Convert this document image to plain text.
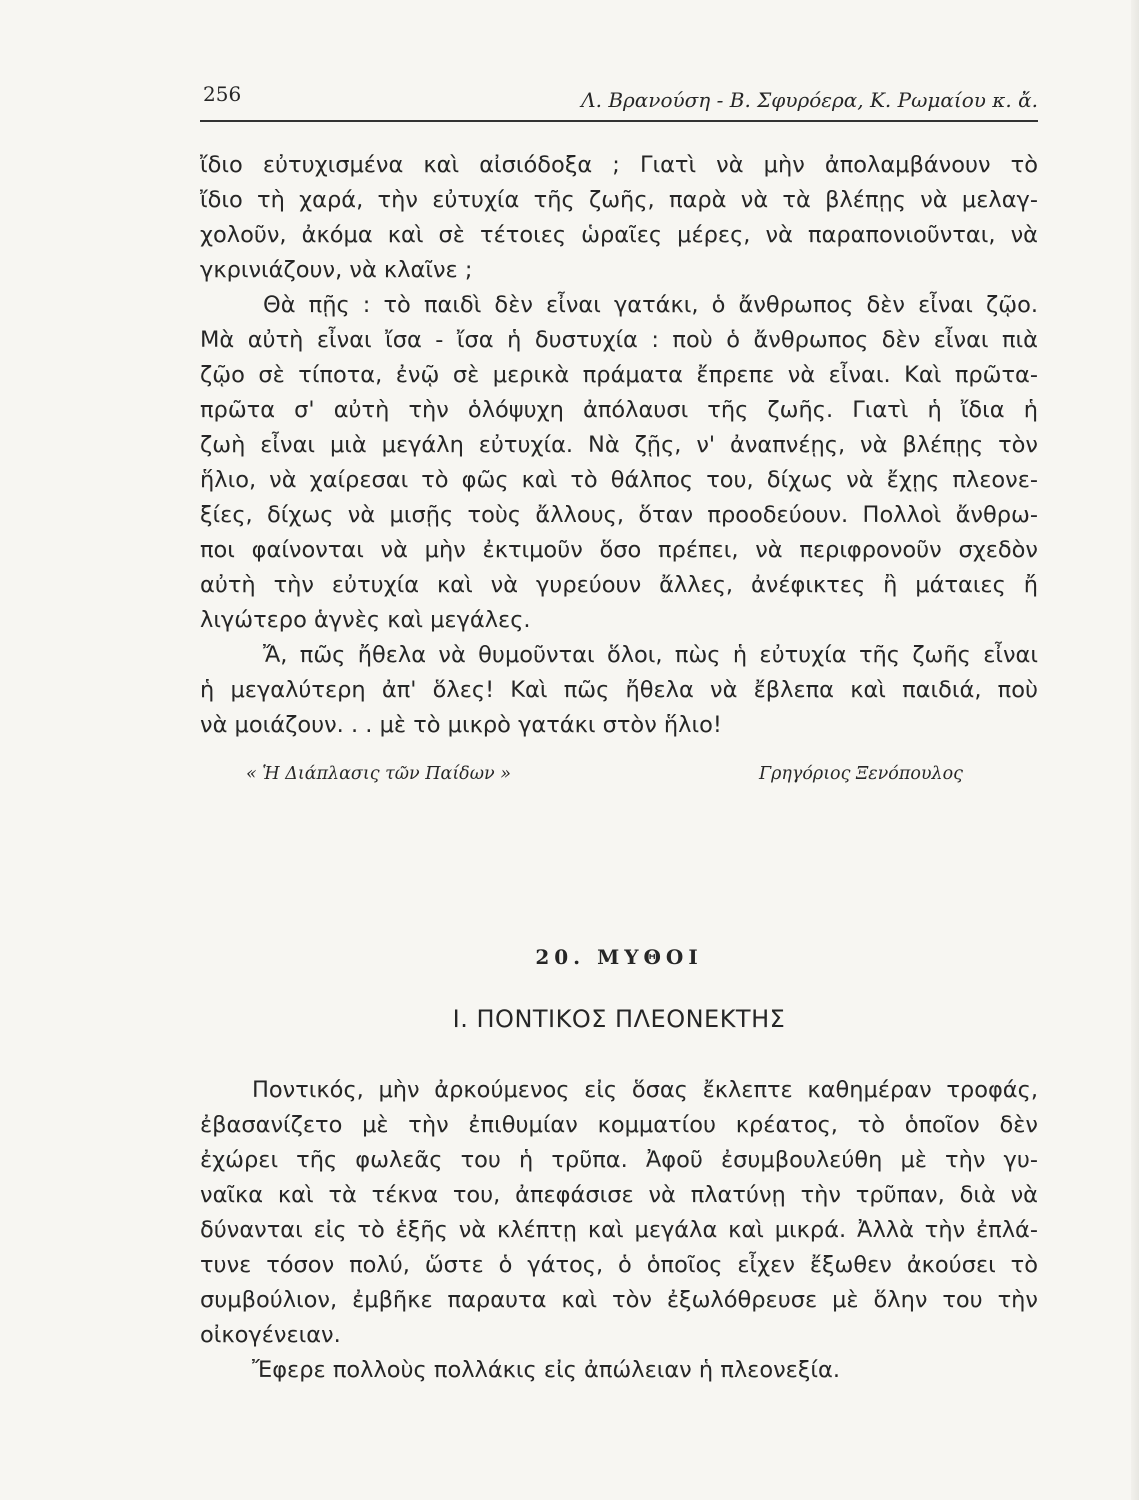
256	Λ. Βρανούση - Β. Σφυρόερα, Κ. Ρωμαίου κ. ἄ.
ἴδιο εὐτυχισμένα καὶ αἰσιόδοξα ; Γιατὶ νὰ μὴν ἀπολαμβάνουν τὸ
ἴδιο τὴ χαρά, τὴν εὐτυχία τῆς ζωῆς, παρὰ νὰ τὰ βλέπῃς νὰ μελαγ-
χολοῦν, ἀκόμα καὶ σὲ τέτοιες ὡραῖες μέρες, νὰ παραπονιοῦνται, νὰ
γκρινιάζουν, νὰ κλαῖνε ;
Θὰ πῇς : τὸ παιδὶ δὲν εἶναι γατάκι, ὁ ἄνθρωπος δὲν εἶναι ζῷο.
Μὰ αὐτὴ εἶναι ἴσα - ἴσα ἡ δυστυχία : ποὺ ὁ ἄνθρωπος δὲν εἶναι πιὰ
ζῷο σὲ τίποτα, ἐνῷ σὲ μερικὰ πράματα ἔπρεπε νὰ εἶναι. Καὶ πρῶτα-
πρῶτα σ' αὐτὴ τὴν ὁλόψυχη ἀπόλαυσι τῆς ζωῆς. Γιατὶ ἡ ἴδια ἡ
ζωὴ εἶναι μιὰ μεγάλη εὐτυχία. Νὰ ζῇς, ν' ἀναπνέῃς, νὰ βλέπῃς τὸν
ἥλιο, νὰ χαίρεσαι τὸ φῶς καὶ τὸ θάλπος του, δίχως νὰ ἔχῃς πλεονε-
ξίες, δίχως νὰ μισῇς τοὺς ἄλλους, ὅταν προοδεύουν. Πολλοὶ ἄνθρω-
ποι φαίνονται νὰ μὴν ἐκτιμοῦν ὅσο πρέπει, νὰ περιφρονοῦν σχεδὸν
αὐτὴ τὴν εὐτυχία καὶ νὰ γυρεύουν ἄλλες, ἀνέφικτες ἢ μάταιες ἤ
λιγώτερο ἁγνὲς καὶ μεγάλες.
Ἄ, πῶς ἤθελα νὰ θυμοῦνται ὅλοι, πὼς ἡ εὐτυχία τῆς ζωῆς εἶναι
ἡ μεγαλύτερη ἀπ' ὅλες! Καὶ πῶς ἤθελα νὰ ἔβλεπα καὶ παιδιά, ποὺ
νὰ μοιάζουν. . . μὲ τὸ μικρὸ γατάκι στὸν ἥλιο!
« Ἡ Διάπλασις τῶν Παίδων »	Γρηγόριος Ξενόπουλος
20. ΜΥΘΟΙ
Ι. ΠΟΝΤΙΚΟΣ ΠΛΕΟΝΕΚΤΗΣ
Ποντικός, μὴν ἀρκούμενος εἰς ὅσας ἔκλεπτε καθημέραν τροφάς,
ἐβασανίζετο μὲ τὴν ἐπιθυμίαν κομματίου κρέατος, τὸ ὁποῖον δὲν
ἐχώρει τῆς φωλεᾶς του ἡ τρῦπα. Ἀφοῦ ἐσυμβουλεύθη μὲ τὴν γυ-
ναῖκα καὶ τὰ τέκνα του, ἀπεφάσισε νὰ πλατύνῃ τὴν τρῦπαν, διὰ νὰ
δύνανται εἰς τὸ ἑξῆς νὰ κλέπτῃ καὶ μεγάλα καὶ μικρά. Ἀλλὰ τὴν ἐπλά-
τυνε τόσον πολύ, ὥστε ὁ γάτος, ὁ ὁποῖος εἶχεν ἔξωθεν ἀκούσει τὸ
συμβούλιον, ἐμβῆκε παραυτα καὶ τὸν ἐξωλόθρευσε μὲ ὅλην του τὴν
οἰκογένειαν.
Ἔφερε πολλοὺς πολλάκις εἰς ἀπώλειαν ἡ πλεονεξία.
